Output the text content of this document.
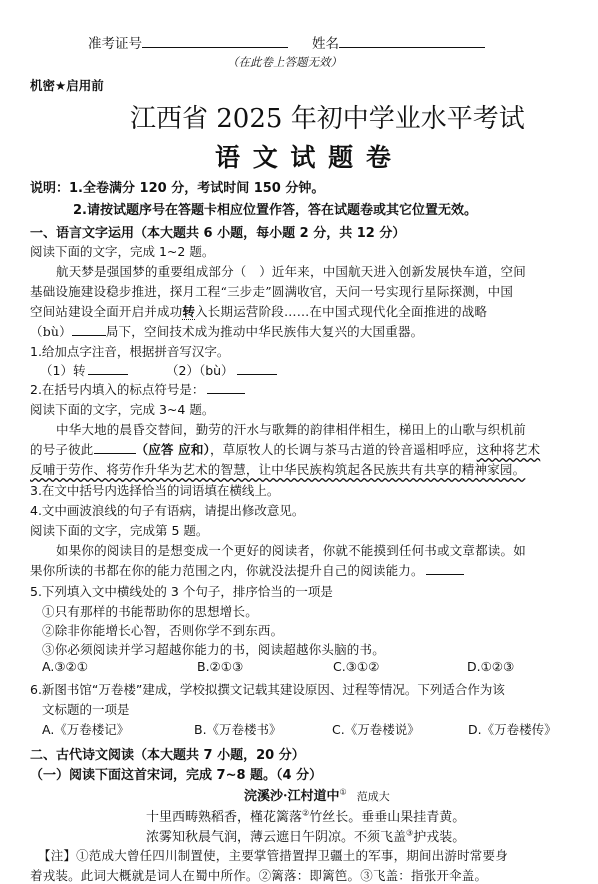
准考证号	姓名
（在此卷上答题无效）
机密★启用前
江西省 2025 年初中学业水平考试
语 文 试 题 卷
说明：1.全卷满分 120 分，考试时间 150 分钟。
2.请按试题序号在答题卡相应位置作答，答在试题卷或其它位置无效。
一、语言文字运用（本大题共 6 小题，每小题 2 分，共 12 分）
阅读下面的文字，完成 1~2 题。
航天梦是强国梦的重要组成部分（　）近年来，中国航天进入创新发展快车道，空间
基础设施建设稳步推进，探月工程“三步走”圆满收官，天问一号实现行星际探测，中国
空间站建设全面开启并成功转入长期运营阶段……在中国式现代化全面推进的战略
（bù）	局下，空间技术成为推动中华民族伟大复兴的大国重器。
1.给加点字注音，根据拼音写汉字。
（1）转	（2）（bù）
2.在括号内填入的标点符号是：
阅读下面的文字，完成 3~4 题。
中华大地的晨昏交替间，勤劳的汗水与歌舞的韵律相伴相生，梯田上的山歌与织机前
的号子彼此	（应答 应和），草原牧人的长调与茶马古道的铃音遥相呼应，这种将艺术
反哺于劳作、将劳作升华为艺术的智慧，让中华民族构筑起各民族共有共享的精神家园。
3.在文中括号内选择恰当的词语填在横线上。
4.文中画波浪线的句子有语病，请提出修改意见。
阅读下面的文字，完成第 5 题。
如果你的阅读目的是想变成一个更好的阅读者，你就不能摸到任何书或文章都读。如
果你所读的书都在你的能力范围之内，你就没法提升自己的阅读能力。
5.下列填入文中横线处的 3 个句子，排序恰当的一项是
①只有那样的书能帮助你的思想增长。
②除非你能增长心智，否则你学不到东西。
③你必须阅读并学习超越你能力的书，阅读超越你头脑的书。
A.③②①	B.②①③	C.③①②	D.①②③
6.新图书馆“万卷楼”建成，学校拟撰文记载其建设原因、过程等情况。下列适合作为该
文标题的一项是
A.《万卷楼记》	B.《万卷楼书》	C.《万卷楼说》	D.《万卷楼传》
二、古代诗文阅读（本大题共 7 小题，20 分）
（一）阅读下面这首宋词，完成 7~8 题。（4 分）
浣溪沙·江村道中① 范成大
十里西畴熟稻香，槿花篱落②竹丝长。垂垂山果挂青黄。
浓雾知秋晨气润，薄云遮日午阴凉。不须飞盖③护戎装。
【注】①范成大曾任四川制置使，主要掌管措置捍卫疆土的军事，期间出游时常要身
着戎装。此词大概就是词人在蜀中所作。②篱落：即篱笆。③飞盖：指张开伞盖。
